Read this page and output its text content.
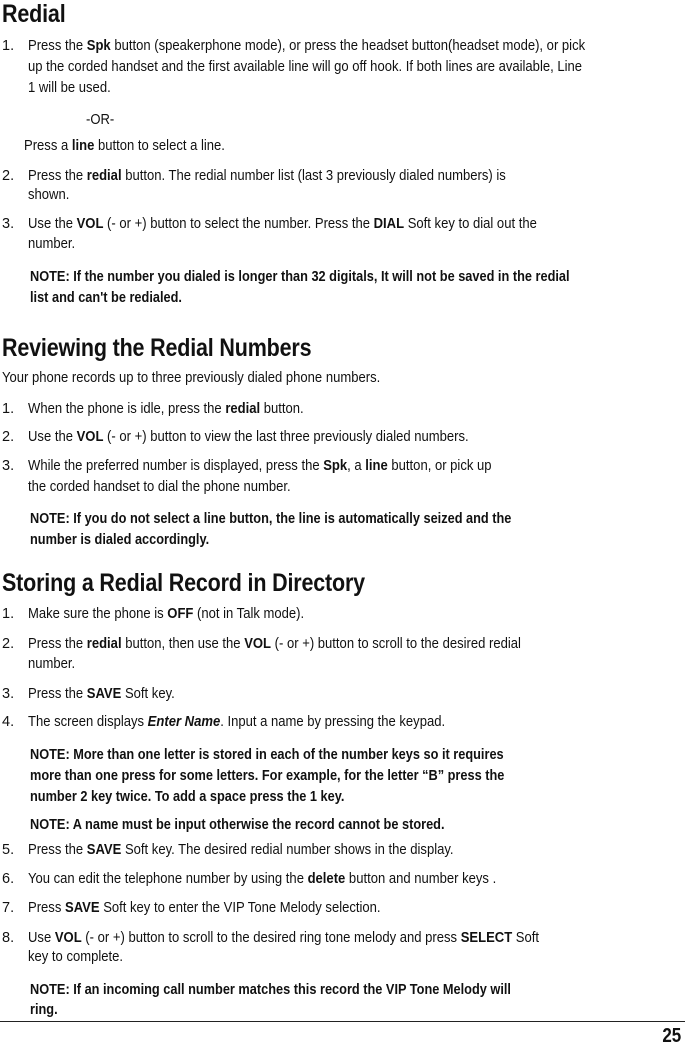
Redial
1. Press the Spk button (speakerphone mode), or press the headset button(headset mode), or pick
up the corded handset and the first available line will go off hook. If both lines are available, Line
1 will be used.
-OR-
Press a line button to select a line.
2. Press the redial button. The redial number list (last 3 previously dialed numbers) is
shown.
3. Use the VOL (- or +) button to select the number. Press the DIAL Soft key to dial out the
number.
NOTE: If the number you dialed is longer than 32 digitals, It will not be saved in the redial
list and can't be redialed.
Reviewing the Redial Numbers
Your phone records up to three previously dialed phone numbers.
1. When the phone is idle, press the redial button.
2. Use the VOL (- or +) button to view the last three previously dialed numbers.
3. While the preferred number is displayed, press the Spk, a line button, or pick up
the corded handset to dial the phone number.
NOTE: If you do not select a line button, the line is automatically seized and the
number is dialed accordingly.
Storing a Redial Record in Directory
1. Make sure the phone is OFF (not in Talk mode).
2. Press the redial button, then use the VOL (- or +) button to scroll to the desired redial
number.
3. Press the SAVE Soft key.
4. The screen displays Enter Name. Input a name by pressing the keypad.
NOTE: More than one letter is stored in each of the number keys so it requires
more than one press for some letters. For example, for the letter “B” press the
number 2 key twice. To add a space press the 1 key.
NOTE: A name must be input otherwise the record cannot be stored.
5. Press the SAVE Soft key. The desired redial number shows in the display.
6. You can edit the telephone number by using the delete button and number keys .
7. Press SAVE Soft key to enter the VIP Tone Melody selection.
8. Use VOL (- or +) button to scroll to the desired ring tone melody and press SELECT Soft
key to complete.
NOTE: If an incoming call number matches this record the VIP Tone Melody will
ring.
25
